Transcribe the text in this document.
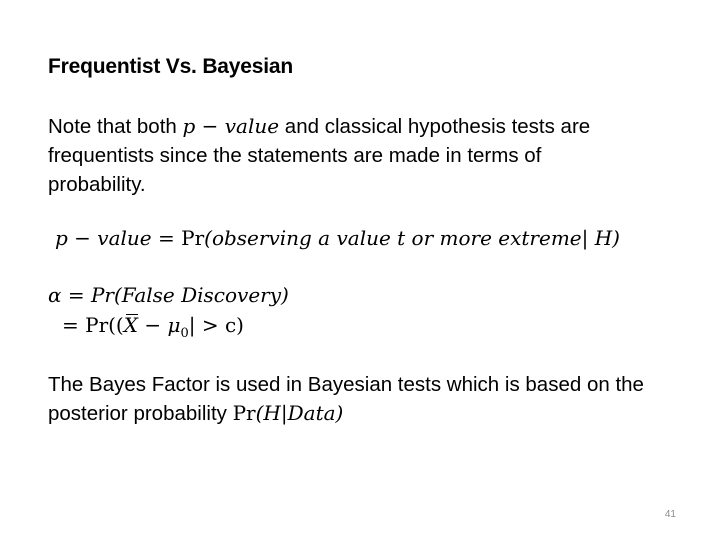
Frequentist Vs. Bayesian
Note that both p − value and classical hypothesis tests are
frequentists since the statements are made in terms of
probability.
p − value = Pr(observing a value t or more extreme| H)
α = Pr(False Discovery)
= $Pr((X - \mu_0| > c)$
The Bayes Factor is used in Bayesian tests which is based on the
posterior probability Pr(H|Data)
41
